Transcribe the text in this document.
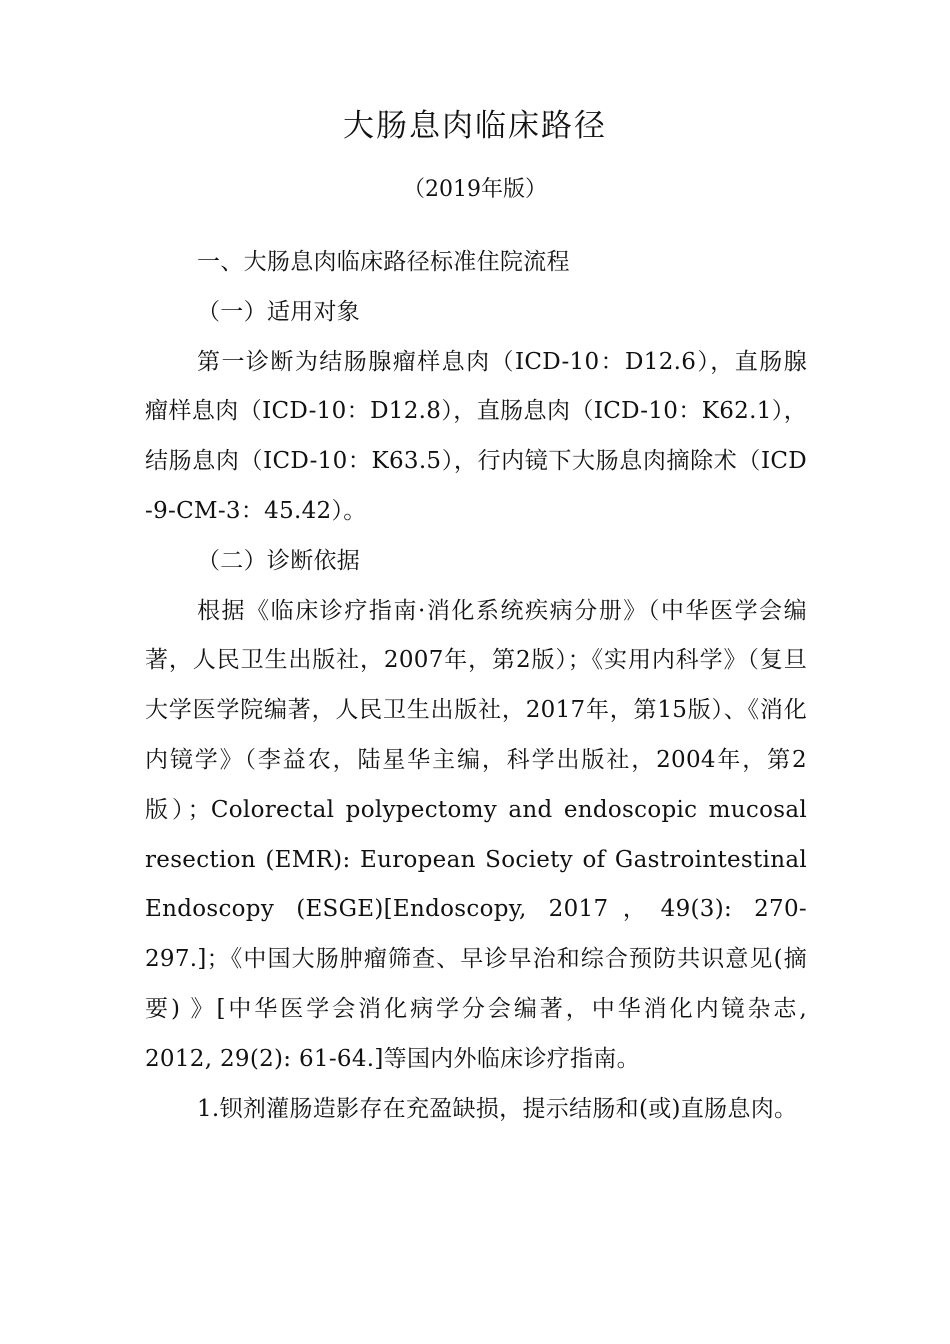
大肠息肉临床路径
（2019年版）

一、大肠息肉临床路径标准住院流程

（一）适用对象

第一诊断为结肠腺瘤样息肉（ICD-10：D12.6），直肠腺瘤样息肉（ICD-10：D12.8），直肠息肉（ICD-10：K62.1），结肠息肉（ICD-10：K63.5），行内镜下大肠息肉摘除术（ICD-9-CM-3：45.42）。

（二）诊断依据

根据《临床诊疗指南·消化系统疾病分册》（中华医学会编著，人民卫生出版社，2007年，第2版）；《实用内科学》（复旦大学医学院编著，人民卫生出版社，2017年，第15版）、《消化内镜学》（李益农，陆星华主编，科学出版社，2004年，第2版）；Colorectal polypectomy and endoscopic mucosal resection (EMR): European Society of Gastrointestinal Endoscopy (ESGE)[Endoscopy, 2017，49(3): 270-297.]；《中国大肠肿瘤筛查、早诊早治和综合预防共识意见(摘要) 》[中华医学会消化病学分会编著，中华消化内镜杂志, 2012, 29(2): 61-64.]等国内外临床诊疗指南。

1.钡剂灌肠造影存在充盈缺损，提示结肠和(或)直肠息肉。
